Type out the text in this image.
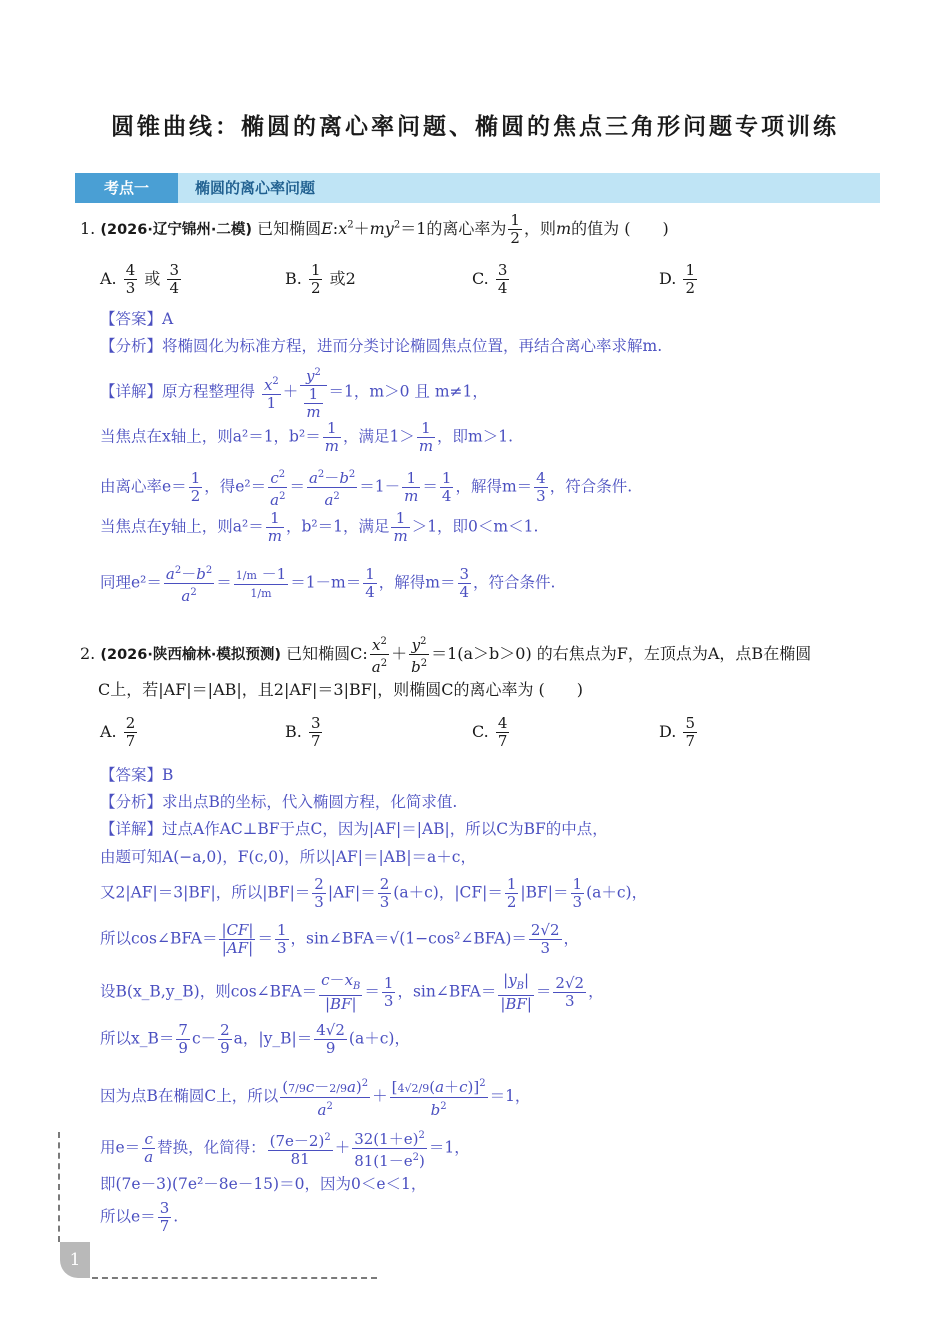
圆锥曲线：椭圆的离心率问题、椭圆的焦点三角形问题专项训练
考点一	椭圆的离心率问题
1. (2026·辽宁锦州·二模) 已知椭圆$E:x^2+my^2=1$的离心率为 $\frac{1}{2}$ ，则m的值为 (　　)
A. $\frac{4}{3}$ 或 $\frac{3}{4}$	B. $\frac{1}{2}$ 或2	C. $\frac{3}{4}$	D. $\frac{1}{2}$
【答案】A
【分析】将椭圆化为标准方程，进而分类讨论椭圆焦点位置，再结合离心率求解m.
【详解】原方程整理得 $\frac{x^2}{1}$ ＋
$y^2$
$\frac{1}{m} =1$，m＞0 且 m≠1，
当焦点在x轴上，则a²＝1，$b^2= \frac{1}{m}$ ，满足$1> \frac{1}{m}$ ，即m＞1.
由离心率$e= \frac{1}{2}$ ，得$e^2= \frac{c^2}{a^2} = \frac{a^2-b^2}{a^2} =1- \frac{1}{m} = \frac{1}{4}$ ，解得$m= \frac{4}{3}$ ，符合条件.
当焦点在y轴上，则$a^2= \frac{1}{m}$ ，b²＝1，满足 $\frac{1}{m} >1$，即0＜m＜1.
同理$e^2= \frac{a^2-b^2}{a^2} = 1/m -1$
1/m
$=1-m= \frac{1}{4}$ ，解得$m= \frac{3}{4}$ ，符合条件.
2. (2026·陕西榆林·模拟预测) 已知椭圆C: $\frac{x^2}{a^2} + \frac{y^2}{b^2} =1(a>b>0)$ 的右焦点为F，左顶点为A，点B在椭圆
C上，若|AF|＝|AB|，且2|AF|＝3|BF|，则椭圆C的离心率为 (　　)
A. $\frac{2}{7}$	B. $\frac{3}{7}$	C. $\frac{4}{7}$	D. $\frac{5}{7}$
【答案】B
【分析】求出点B的坐标，代入椭圆方程，化简求值.
【详解】过点A作AC⊥BF于点C，因为|AF|＝|AB|，所以C为BF的中点，
由题可知A(−a,0)，F(c,0)，所以|AF|＝|AB|＝a＋c，
又2|AF|＝3|BF|，所以$|BF|= \frac{2}{3} |AF|= \frac{2}{3} (a+c)$，$|CF|= \frac{1}{2} |BF|= \frac{1}{3} (a+c)$，
所以cos∠BFA＝ $\frac{|CF|}{|AF|} = \frac{1}{3}$ ，sin∠BFA＝√(1−cos²∠BFA)＝ $\frac{2√2}{3}$ ，
设B(x_B,y_B)，则cos∠BFA＝ $\frac{c-x_B}{|BF|} = \frac{1}{3}$ ，sin∠BFA＝ $\frac{|y_B|}{|BF|} = \frac{2√2}{3}$ ，
所以x_B＝ $\frac{7}{9} c- \frac{2}{9}$ a，|y_B|＝ $\frac{4√2}{9} (a+c)$，
因为点B在椭圆C上，所以 $\frac{(7/9c-2/9a)^2}{a^2} + \frac{[4√2/9(a+c)]^2}{b^2} =1$，
用$e= \frac{c}{a}$ 替换，化简得： $\frac{(7e-2)^2}{81} + \frac{32(1+e)^2}{81(1-e^2)} =1$，
即(7e－3)(7e²－8e－15)＝0，因为0＜e＜1，
所以$e= \frac{3}{7}$ .
1
